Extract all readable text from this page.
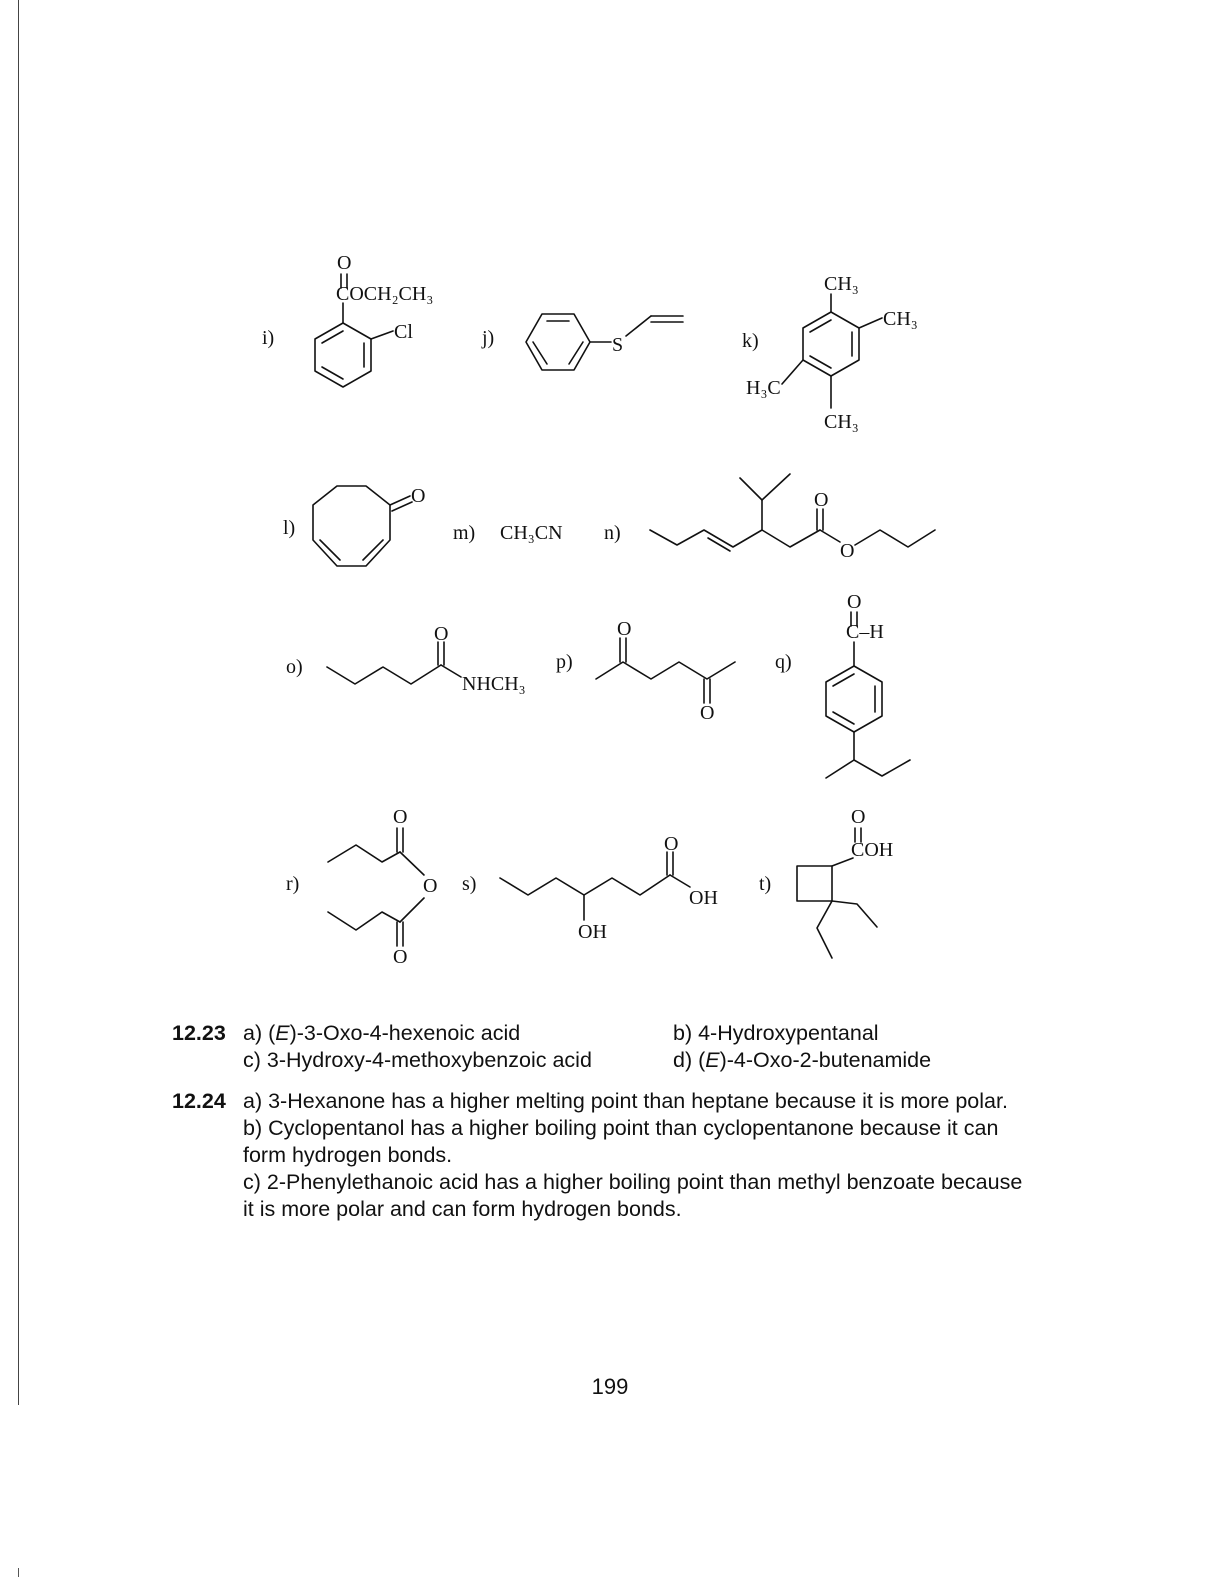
i)
O
COCH₂CH₃
Cl	j)	S	k)
CH₃
CH₃
H₃C
CH₃
l)
O
m) CH₃CN n)
O
O
o)
O
NHCH₃
p)
O
O
q)
O
C–H
r)
O
O
O
s)
O
OH
OH
t)
O
COH
12.23 a) (E)-3-Oxo-4-hexenoic acid	b) 4-Hydroxypentanal
c) 3-Hydroxy-4-methoxybenzoic acid	d) (E)-4-Oxo-2-butenamide
12.24 a) 3-Hexanone has a higher melting point than heptane because it is more polar.
b) Cyclopentanol has a higher boiling point than cyclopentanone because it can form hydrogen bonds.
c) 2-Phenylethanoic acid has a higher boiling point than methyl benzoate because it is more polar and can form hydrogen bonds.
199
